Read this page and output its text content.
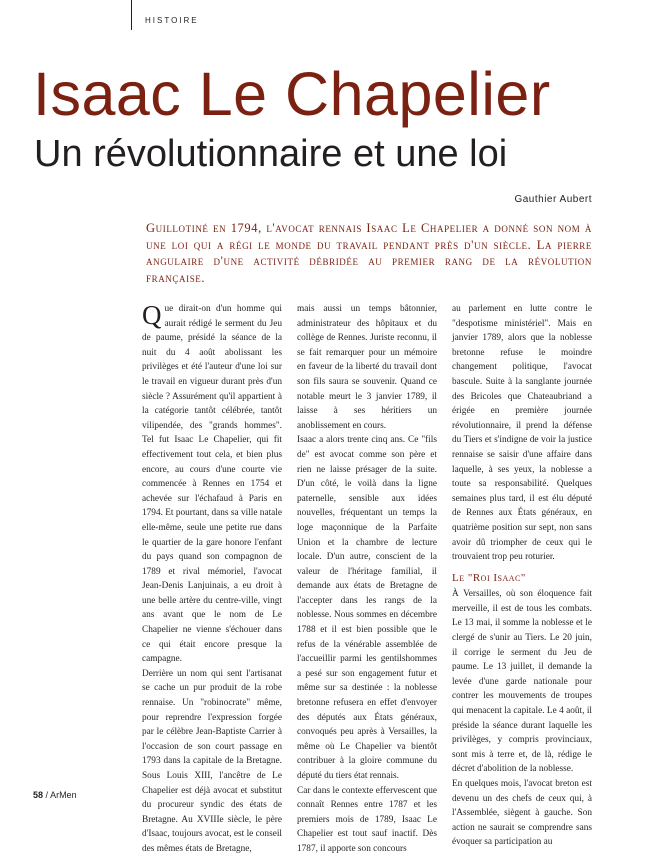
HISTOIRE
Isaac Le Chapelier
Un révolutionnaire et une loi
Gauthier Aubert
Guillotiné en 1794, l'avocat rennais Isaac Le Chapelier a donné son nom à une loi qui a régi le monde du travail pendant près d'un siècle. La pierre angulaire d'une activité débridée au premier rang de la révolution française.

Que dirait-on d'un homme qui aurait rédigé le serment du Jeu de paume, présidé la séance de la nuit du 4 août abolissant les privilèges et été l'auteur d'une loi sur le travail en vigueur durant près d'un siècle ? Assurément qu'il appartient à la catégorie tantôt célébrée, tantôt vilipendée, des "grands hommes". Tel fut Isaac Le Chapelier, qui fit effectivement tout cela, et bien plus encore, au cours d'une courte vie commencée à Rennes en 1754 et achevée sur l'échafaud à Paris en 1794. Et pourtant, dans sa ville natale elle-même, seule une petite rue dans le quartier de la gare honore l'enfant du pays quand son compagnon de 1789 et rival mémoriel, l'avocat Jean-Denis Lanjuinais, a eu droit à une belle artère du centre-ville, vingt ans avant que le nom de Le Chapelier ne vienne s'échouer dans ce qui était encore presque la campagne.

Derrière un nom qui sent l'artisanat se cache un pur produit de la robe rennaise. Un "robinocrate" même, pour reprendre l'expression forgée par le célèbre Jean-Baptiste Carrier à l'occasion de son court passage en 1793 dans la capitale de la Bretagne. Sous Louis XIII, l'ancêtre de Le Chapelier est déjà avocat et substitut du procureur syndic des états de Bretagne. Au XVIIIe siècle, le père d'Isaac, toujours avocat, est le conseil des mêmes états de Bretagne,

mais aussi un temps bâtonnier, administrateur des hôpitaux et du collège de Rennes. Juriste reconnu, il se fait remarquer pour un mémoire en faveur de la liberté du travail dont son fils saura se souvenir. Quand ce notable meurt le 3 janvier 1789, il laisse à ses héritiers un anoblissement en cours.

Isaac a alors trente cinq ans. Ce "fils de" est avocat comme son père et rien ne laisse présager de la suite. D'un côté, le voilà dans la ligne paternelle, sensible aux idées nouvelles, fréquentant un temps la loge maçonnique de la Parfaite Union et la chambre de lecture locale. D'un autre, conscient de la valeur de l'héritage familial, il demande aux états de Bretagne de l'accepter dans les rangs de la noblesse. Nous sommes en décembre 1788 et il est bien possible que le refus de la vénérable assemblée de l'accueillir parmi les gentilshommes a pesé sur son engagement futur et même sur sa destinée : la noblesse bretonne refusera en effet d'envoyer des députés aux États généraux, convoqués peu après à Versailles, la même où Le Chapelier va bientôt contribuer à la gloire commune du député du tiers état rennais.

Car dans le contexte effervescent que connaît Rennes entre 1787 et les premiers mois de 1789, Isaac Le Chapelier est tout sauf inactif. Dès 1787, il apporte son concours

au parlement en lutte contre le "despotisme ministériel". Mais en janvier 1789, alors que la noblesse bretonne refuse le moindre changement politique, l'avocat bascule. Suite à la sanglante journée des Bricoles que Chateaubriand a érigée en première journée révolutionnaire, il prend la défense du Tiers et s'indigne de voir la justice rennaise se saisir d'une affaire dans laquelle, à ses yeux, la noblesse a toute sa responsabilité. Quelques semaines plus tard, il est élu député de Rennes aux États généraux, en quatrième position sur sept, non sans avoir dû triompher de ceux qui le trouvaient trop peu roturier.

Le "Roi Isaac"

À Versailles, où son éloquence fait merveille, il est de tous les combats. Le 13 mai, il somme la noblesse et le clergé de s'unir au Tiers. Le 20 juin, il corrige le serment du Jeu de paume. Le 13 juillet, il demande la levée d'une garde nationale pour contrer les mouvements de troupes qui menacent la capitale. Le 4 août, il préside la séance durant laquelle les privilèges, y compris provinciaux, sont mis à terre et, de là, rédige le décret d'abolition de la noblesse.

En quelques mois, l'avocat breton est devenu un des chefs de ceux qui, à l'Assemblée, siègent à gauche. Son action ne saurait se comprendre sans évoquer sa participation au

58 / ArMen
